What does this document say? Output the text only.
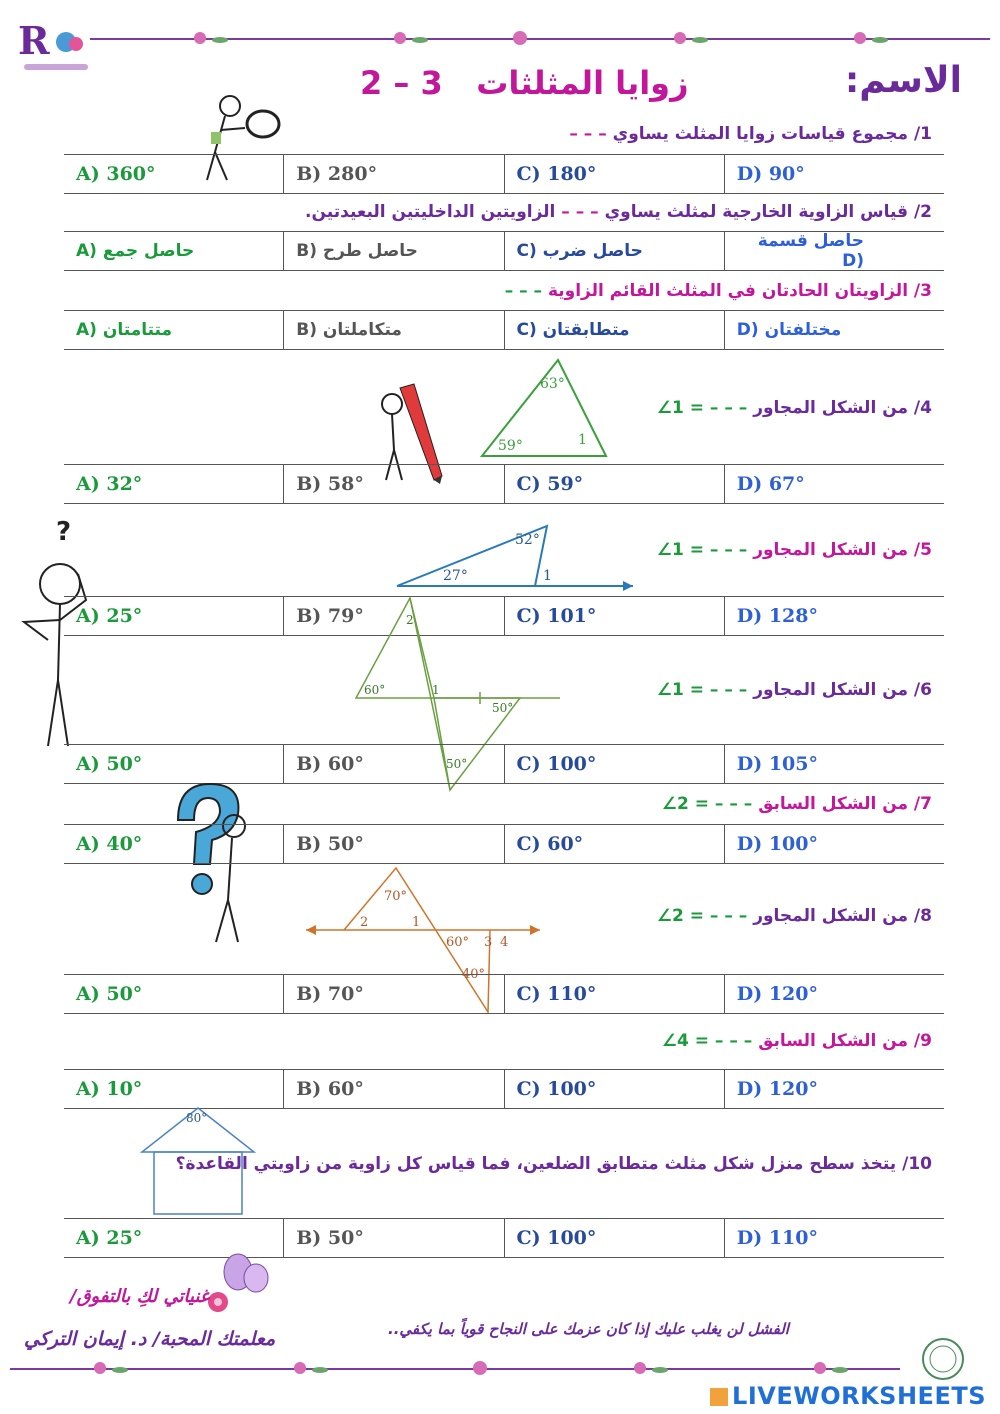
R
الاسم:
زوايا المثلثات   2 – 3
1/ مجموع قياسات زوايا المثلث يساوي – – –
A) 360°	B) 280°	C) 180°	D) 90°
2/ قياس الزاوية الخارجية لمثلث يساوي – – – الزاويتين الداخليتين البعيدتين.
حاصل جمع (A	حاصل طرح (B	حاصل ضرب (C	حاصل قسمة (D
3/ الزاويتان الحادتان في المثلث القائم الزاوية – – –
متتامتان (A	متكاملتان (B	متطابقتان (C	مختلفتان (D
63°
59°	1
4/ من الشكل المجاور – – – = 1∠
A) 32°	B) 58°	C) 59°	D) 67°
?	52°
27°	1
5/ من الشكل المجاور – – – = 1∠
A) 25°	B) 79°	C) 101°	D) 128°
2
60°	1
50°
50°
6/ من الشكل المجاور – – – = 1∠
A) 50°	B) 60°	C) 100°	D) 105°
7/ من الشكل السابق – – – = 2∠
A) 40°	B) 50°	C) 60°	D) 100°
70°
2	1
60° 3 4
40°
8/ من الشكل المجاور – – – = 2∠
A) 50°	B) 70°	C) 110°	D) 120°
9/ من الشكل السابق – – – = 4∠
A) 10°	B) 60°	C) 100°	D) 120°
80°
10/ يتخذ سطح منزل شكل مثلث متطابق الضلعين، فما قياس كل زاوية من زاويتي القاعدة؟
A) 25°	B) 50°	C) 100°	D) 110°
غنياتي لكِ بالتفوق/
معلمتك المحبة/ د. إيمان التركي	الفشل لن يغلب عليك إذا كان عزمك على النجاح قوياً بما يكفي..
LIVEWORKSHEETS
